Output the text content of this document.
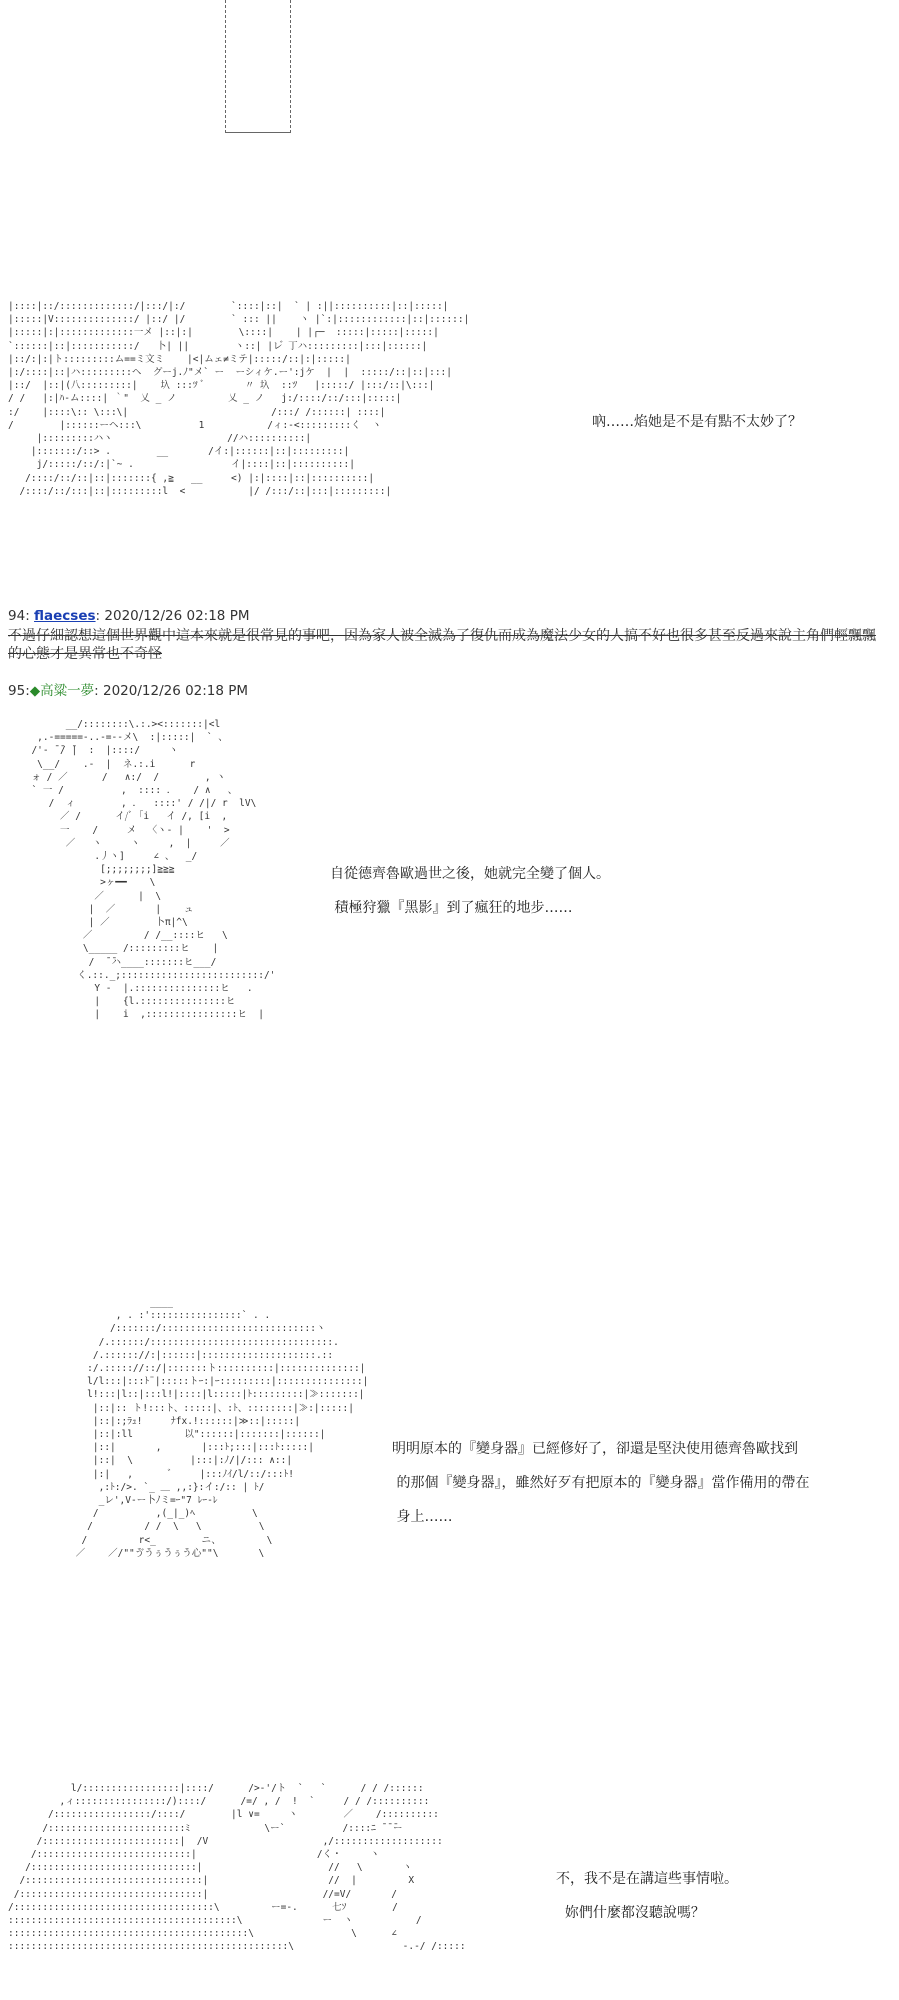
|::::|::/:::::::::::::/|:::/|:/        `::::|::|  ` | :||::::::::::|::|:::::|
|:::::|V::::::::::::::/ |::/ |/        ` ::: ||    ヽ |`:|::::::::::::|::|::::::|
|:::::|:|:::::::::::::一メ |::|:|        \::::|    | |┌─  :::::|:::::|:::::|
`::::::|::|:::::::::::/   卜| ||        ヽ::| |レ゙ 丁ハ:::::::::|:::|::::::|
|::/:|:|ト:::::::::ム==ミ文ミ    |<|ムェ≠ミテ|:::::/::|:|:::::|
|:/::::|::|ハ:::::::::ヘ  グーj.ﾉ"メ` ー  ーシィケ.ー':jケ  |  |  :::::/::|::|:::|
|::/  |::|(八:::::::::|    圦 :::ﾂ ﾞ       〃 圦  ::ﾂ   |:::::/ |:::/::|\:::|
/ /   |:|ﾊ‐ム::::| ｀"  乂 _ ノ         乂 _ ノ   j:/::::/::/:::|:::::|
:/    |::::\:: \:::\|                         /:::/ /::::::| ::::|
/        |::::::ーヘ:::\          1           /ィ:‐<:::::::::く  ヽ
|:::::::::ハヽ                    //ハ::::::::::|
|:::::::/::> .        __       /イ:|::::::|::|:::::::::|
j/:::::/::/:|`~ .                 イ|::::|::|::::::::::|
/::::/::/::|::|:::::::{ ,≧   __     <) |:|::::|::|::::::::::|
/::::/::/:::|::|:::::::::l  <           |/ /:::/::|:::|:::::::::|
吶……焰她是不是有點不太妙了？
94: flaecses: 2020/12/26 02:18 PM
不過仔細認想這個世界觀中這本來就是很常見的事吧，因為家人被全滅為了復仇而成為魔法少女的人搞不好也很多甚至反過來說主角們輕飄飄的心態才是異常也不奇怪
95:◆高粱一夢: 2020/12/26 02:18 PM
__/::::::::\.:.><:::::::|<l
,.-=====‐..-=--メ\  :|:::::|  ` 、
/'‐ ̄ ̄/ ̄|  :  |::::/     ヽ
\__/    .-  |  ネ.:.i      r
ォ / ／      /   ∧:/  /        , ヽ
` 一 /          ,  :::: ．   / ∧   、
/  ィ        , ．  ::::' / /|/ r  lV\
／ /      イ/ﾞ ｢i   イ /, [i  ,
一    /     メ  〈ヽ- |    '  >
／   ヽ     ヽ     ,  |     ／
.丿ヽ]     ∠ 、  _/
[;;;;;;;;]≧≧≧
>ヶ━━    \
／      |  \
|  ／       |    ュ
| ／        卜π|^\
／         / /__::::ヒ   \
\_____ /:::::::::ヒ    |
/  ̄ ̄ハ____:::::::ヒ___/
く.::._;:::::::::::::::::::::::::/'
Y ‐  |.:::::::::::::::ヒ   .
|    {l.:::::::::::::::ヒ
|    i  ,::::::::::::::::ヒ  |
自從德齊魯歐過世之後，她就完全變了個人。
積極狩獵『黑影』到了瘋狂的地步……
____
, . :'::::::::::::::::` . .
/:::::::/:::::::::::::::::::::::::::ヽ
/.::::::/::::::::::::::::::::::::::::::::.
/.:::::://:|::::::|::::::::::::::::::::.::
:/.::::://::/|:::::::ト::::::::::|::::::::::::::|
l/l:::|:::ﾄ¨|:::::トｰ:|ｰ:::::::::|:::::::::::::::|
l!:::|l::|:::l!|::::|l:::::|ﾄ:::::::::|≫:::::::|
|::|:: ト!:::ト、:::::|、:ﾄ、::::::::|≫:|:::::|
|::|:;ﾗｭ!     ﾅfx.!::::::|≫::|:::::|
|::|:ll         以"::::::|:::::::|::::::|
|::|       ,       |:::ﾄ;:::|:::ﾄ:::::|
|::|  \          |:::|:ﾉ/|/::: ∧::|
|:|   ,      ゛    |:::ﾉｲ/l/::/:::ﾄ!
,:ﾄ:/>. `_ ＿ ,,:}:イ:/:: | ﾄ/
_レ',V-ー卜ﾉミ=ｰ"7 ﾚｰ-ﾚ
/          ,(_|_)ﾍ          \
/         / /  \   \          \
/         r<_        ニ、        \
／    ／/""ゔうぅうぅう心""\       \
明明原本的『變身器』已經修好了，卻還是堅決使用德齊魯歐找到
的那個『變身器』，雖然好歹有把原本的『變身器』當作備用的帶在
身上……
l/:::::::::::::::::|::::/      />-'/ト  `   `      / / /::::::
,ィ::::::::::::::::/)::::/      /=/ , /  !  `     / / /::::::::::
/:::::::::::::::::/::::/        |l ∨=     ヽ        ／    /::::::::::
/::::::::::::::::::::::::ﾐ             \ー`          /::::ﾆ ̄ ̄ ̄ー
/::::::::::::::::::::::::|  /V                    ,/:::::::::::::::::::
/:::::::::::::::::::::::::::|                     /く・     ヽ
/:::::::::::::::::::::::::::::|                      //   \       ヽ
/:::::::::::::::::::::::::::::::|                     //  |         X
/::::::::::::::::::::::::::::::::|                    //=V/       /
/:::::::::::::::::::::::::::::::::::\         ー=-.      七ｿ        /
::::::::::::::::::::::::::::::::::::::::\              ー  ヽ           /
::::::::::::::::::::::::::::::::::::::::::\                 \      ∠
:::::::::::::::::::::::::::::::::::::::::::::::::\                   -.-/ /:::::
不，我不是在講這些事情啦。
妳們什麼都沒聽說嗎？
